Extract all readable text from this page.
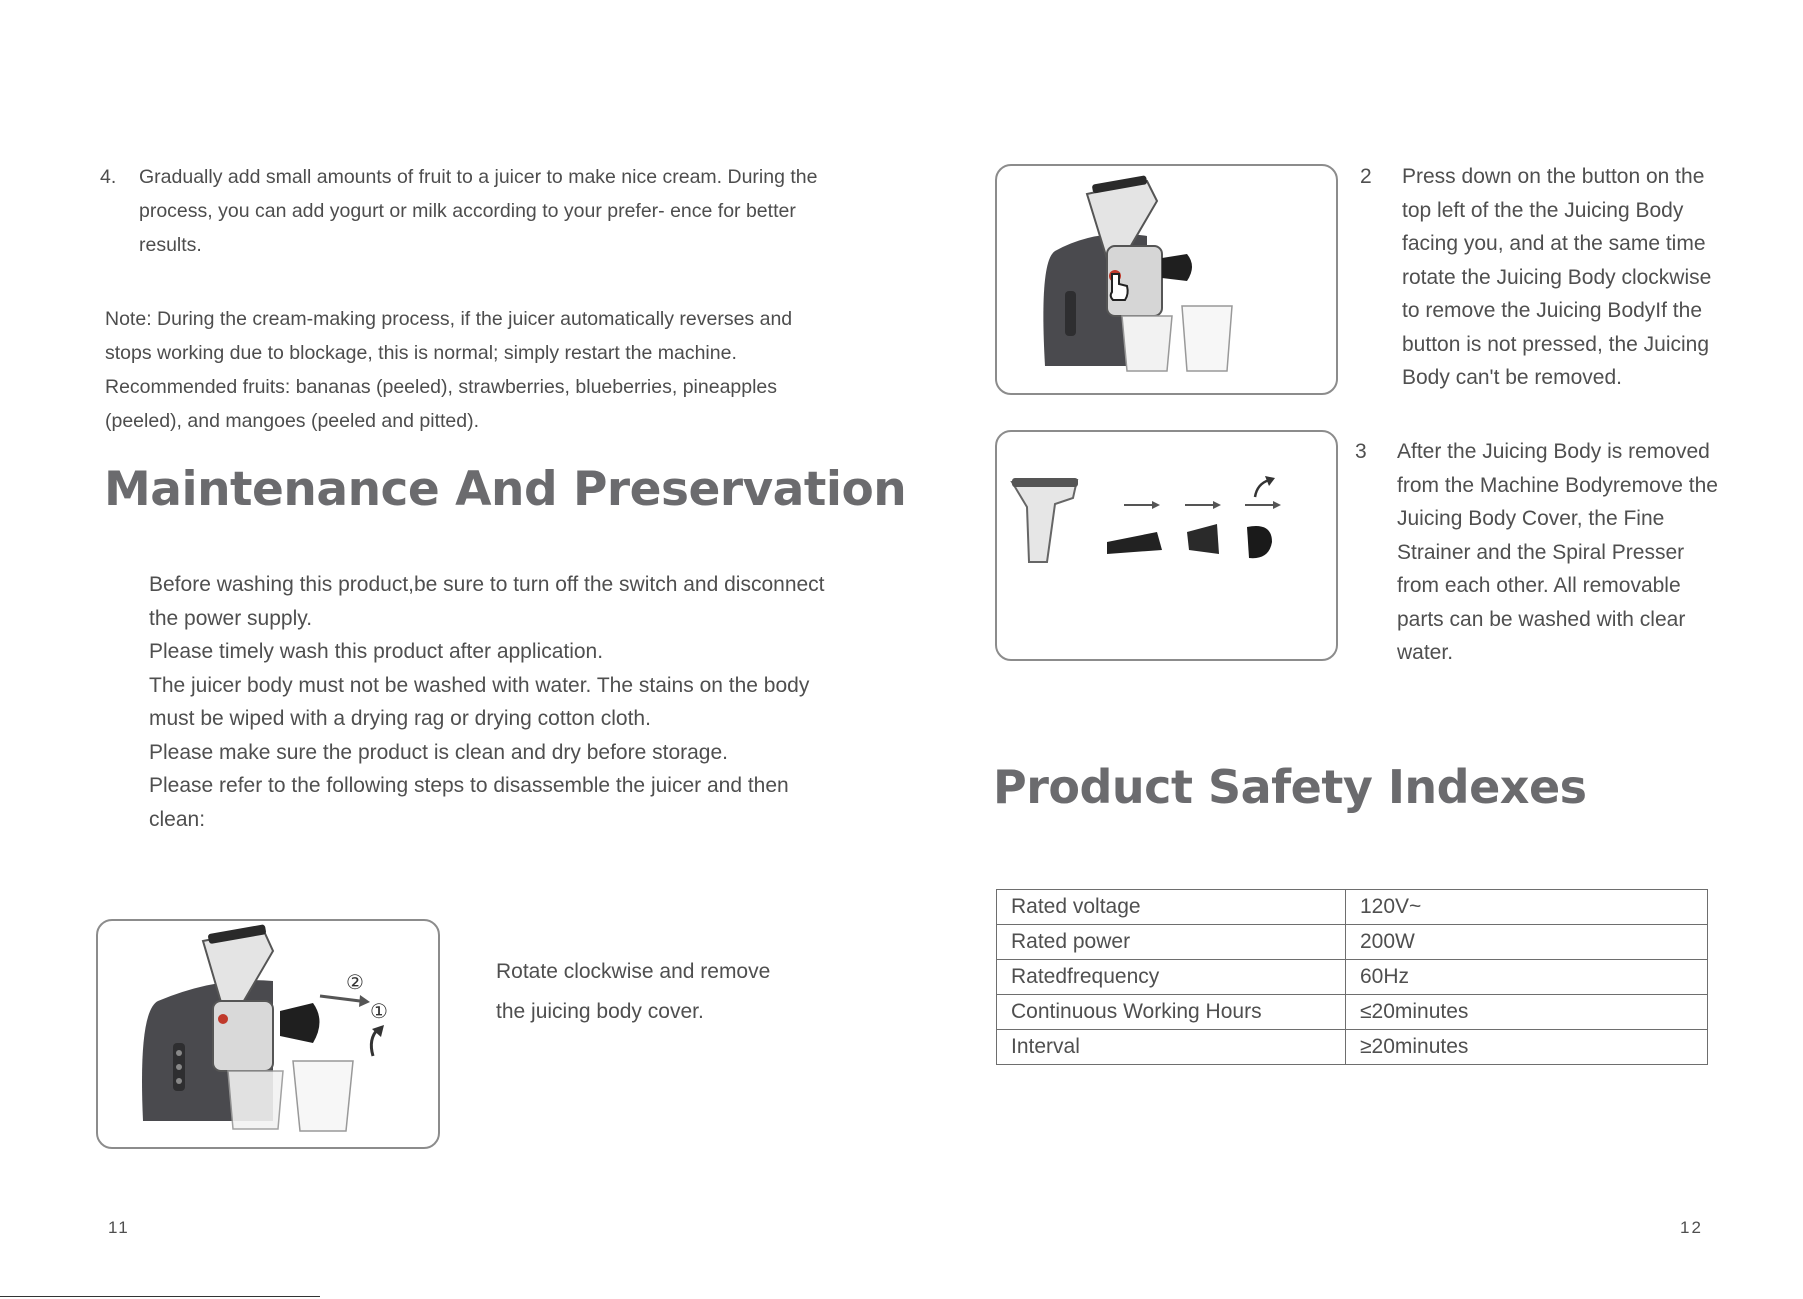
4. Gradually add small amounts of fruit to a juicer to make nice cream. During the process, you can add yogurt or milk according to your prefer- ence for better results.
Note: During the cream-making process, if the juicer automatically reverses and stops working due to blockage, this is normal; simply restart the machine. Recommended fruits: bananas (peeled), strawberries, blueberries, pineapples (peeled), and mangoes (peeled and pitted).
Maintenance And Preservation

Before washing this product,be sure to turn off the switch and disconnect the power supply.

Please timely wash this product after application.

The juicer body must not be washed with water. The stains on the body must be wiped with a drying rag or drying cotton cloth.

Please make sure the product is clean and dry before storage.

Please refer to the following steps to disassemble the juicer and then clean:

②
①
Rotate clockwise and remove
the juicing body cover.
11
2 Press down on the button on the top left of the the Juicing Body facing you, and at the same time rotate the Juicing Body clockwise to remove the Juicing BodyIf the button is not pressed, the Juicing Body can't be removed.
3 After the Juicing Body is removed from the Machine Bodyremove the Juicing Body Cover, the Fine Strainer and the Spiral Presser from each other. All removable parts can be washed with clear water.
Product Safety Indexes
Rated voltage	120V~
Rated power	200W
Ratedfrequency	60Hz
Continuous Working Hours	≤20minutes
Interval	≥20minutes
12
